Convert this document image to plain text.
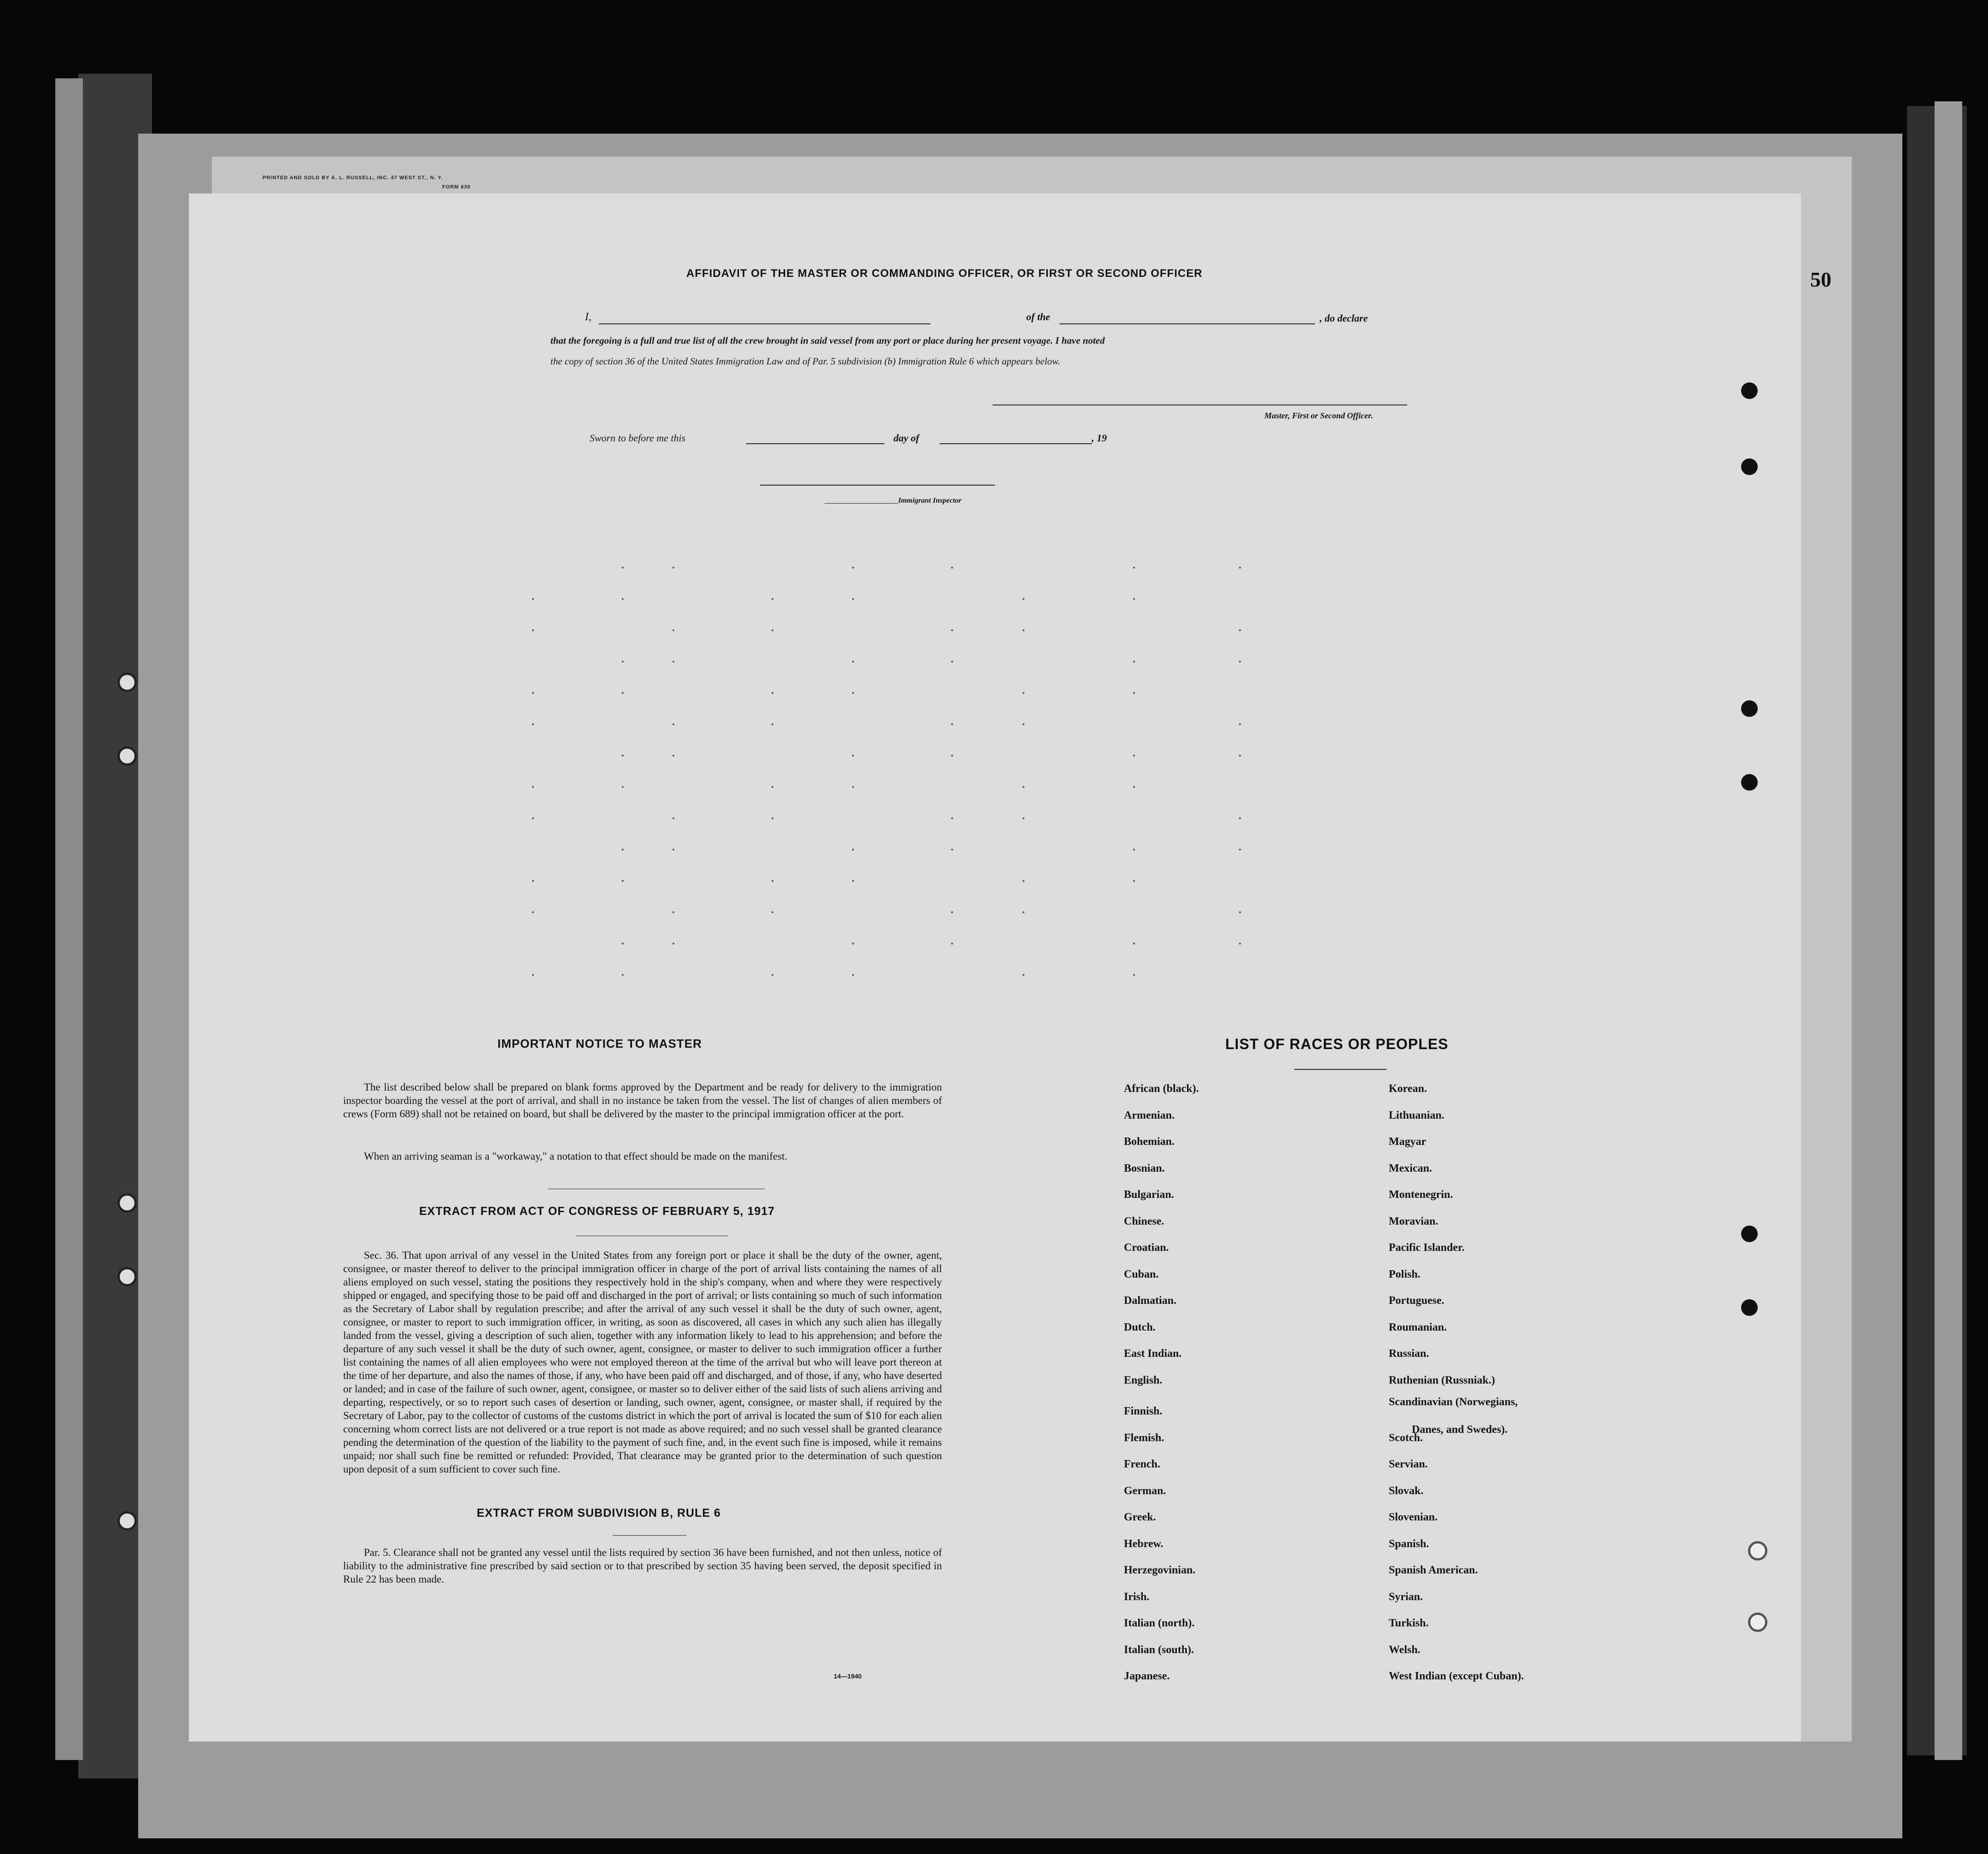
PRINTED AND SOLD BY A. L. RUSSELL, INC. 47 WEST ST., N. Y.
FORM 630
50
AFFIDAVIT OF THE MASTER OR COMMANDING OFFICER, OR FIRST OR SECOND OFFICER
I,	of the	, do declare
that the foregoing is a full and true list of all the crew brought in said vessel from any port or place during her present voyage. I have noted
the copy of section 36 of the United States Immigration Law and of Par. 5 subdivision (b) Immigration Rule 6 which appears below.
Master, First or Second Officer.
Sworn to before me this	day of	, 19
Immigrant Inspector
IMPORTANT NOTICE TO MASTER
The list described below shall be prepared on blank forms approved by the Department and be ready for delivery to the immigration inspector boarding the vessel at the port of arrival, and shall in no instance be taken from the vessel. The list of changes of alien members of crews (Form 689) shall not be retained on board, but shall be delivered by the master to the principal immigration officer at the port.
When an arriving seaman is a "workaway," a notation to that effect should be made on the manifest.
EXTRACT FROM ACT OF CONGRESS OF FEBRUARY 5, 1917
Sec. 36. That upon arrival of any vessel in the United States from any foreign port or place it shall be the duty of the owner, agent, consignee, or master thereof to deliver to the principal immigration officer in charge of the port of arrival lists containing the names of all aliens employed on such vessel, stating the positions they respectively hold in the ship's company, when and where they were respectively shipped or engaged, and specifying those to be paid off and discharged in the port of arrival; or lists containing so much of such information as the Secretary of Labor shall by regulation prescribe; and after the arrival of any such vessel it shall be the duty of such owner, agent, consignee, or master to report to such immigration officer, in writing, as soon as discovered, all cases in which any such alien has illegally landed from the vessel, giving a description of such alien, together with any information likely to lead to his apprehension; and before the departure of any such vessel it shall be the duty of such owner, agent, consignee, or master to deliver to such immigration officer a further list containing the names of all alien employees who were not employed thereon at the time of the arrival but who will leave port thereon at the time of her departure, and also the names of those, if any, who have been paid off and discharged, and of those, if any, who have deserted or landed; and in case of the failure of such owner, agent, consignee, or master so to deliver either of the said lists of such aliens arriving and departing, respectively, or so to report such cases of desertion or landing, such owner, agent, consignee, or master shall, if required by the Secretary of Labor, pay to the collector of customs of the customs district in which the port of arrival is located the sum of $10 for each alien concerning whom correct lists are not delivered or a true report is not made as above required; and no such vessel shall be granted clearance pending the determination of the question of the liability to the payment of such fine, and, in the event such fine is imposed, while it remains unpaid; nor shall such fine be remitted or refunded: Provided, That clearance may be granted prior to the determination of such question upon deposit of a sum sufficient to cover such fine.
EXTRACT FROM SUBDIVISION B, RULE 6
Par. 5. Clearance shall not be granted any vessel until the lists required by section 36 have been furnished, and not then unless, notice of liability to the administrative fine prescribed by said section or to that prescribed by section 35 having been served, the deposit specified in Rule 22 has been made.
14—1940
LIST OF RACES OR PEOPLES
Danes, and Swedes).
African (black).
Armenian.
Bohemian.
Bosnian.
Bulgarian.
Chinese.
Croatian.
Cuban.
Dalmatian.
Dutch.
East Indian.
English.
Finnish.
Flemish.
French.
German.
Greek.
Hebrew.
Herzegovinian.
Irish.
Italian (north).
Italian (south).
Japanese.
Korean.
Lithuanian.
Magyar
Mexican.
Montenegrin.
Moravian.
Pacific Islander.
Polish.
Portuguese.
Roumanian.
Russian.
Ruthenian (Russniak.)
Scandinavian (Norwegians,
Scotch.
Servian.
Slovak.
Slovenian.
Spanish.
Spanish American.
Syrian.
Turkish.
Welsh.
West Indian (except Cuban).
